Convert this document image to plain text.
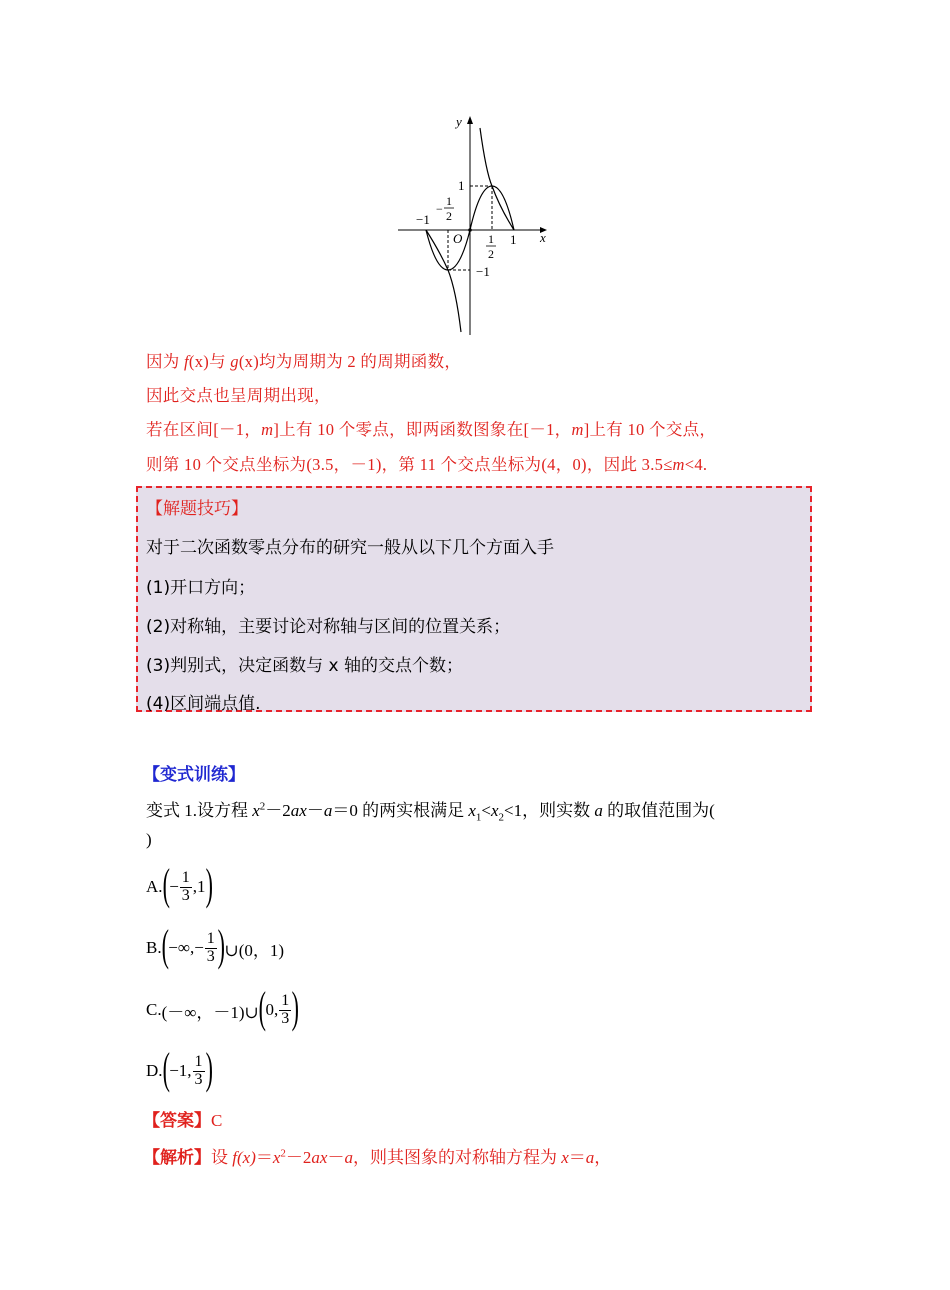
y
x
O
−1
1
1
2
−
1
2
1
−1
因为 f(x)与 g(x)均为周期为 2 的周期函数，
因此交点也呈周期出现，
若在区间[－1，m]上有 10 个零点，即两函数图象在[－1，m]上有 10 个交点，
则第 10 个交点坐标为(3.5，－1)，第 11 个交点坐标为(4，0)，因此 3.5≤m<4.
【解题技巧】
对于二次函数零点分布的研究一般从以下几个方面入手
(1)开口方向；
(2)对称轴，主要讨论对称轴与区间的位置关系；
(3)判别式，决定函数与 x 轴的交点个数；
(4)区间端点值.
【变式训练】
变式 1.设方程 $x^2-2ax-a=0$ 的两实根满足 $x_1<x_2<1$，则实数 a 的取值范围为(
)
A. ( − $\frac{1}{3} ,1$ )
B. ( −∞,− $\frac{1}{3}$ ) ∪(0，1)
C. (－∞，－1)∪ ( 0, $\frac{1}{3}$ )
D. ( −1, $\frac{1}{3}$ )
【答案】C
【解析】设 $f(x)=x^2-2ax-a$，则其图象的对称轴方程为 x＝a，
